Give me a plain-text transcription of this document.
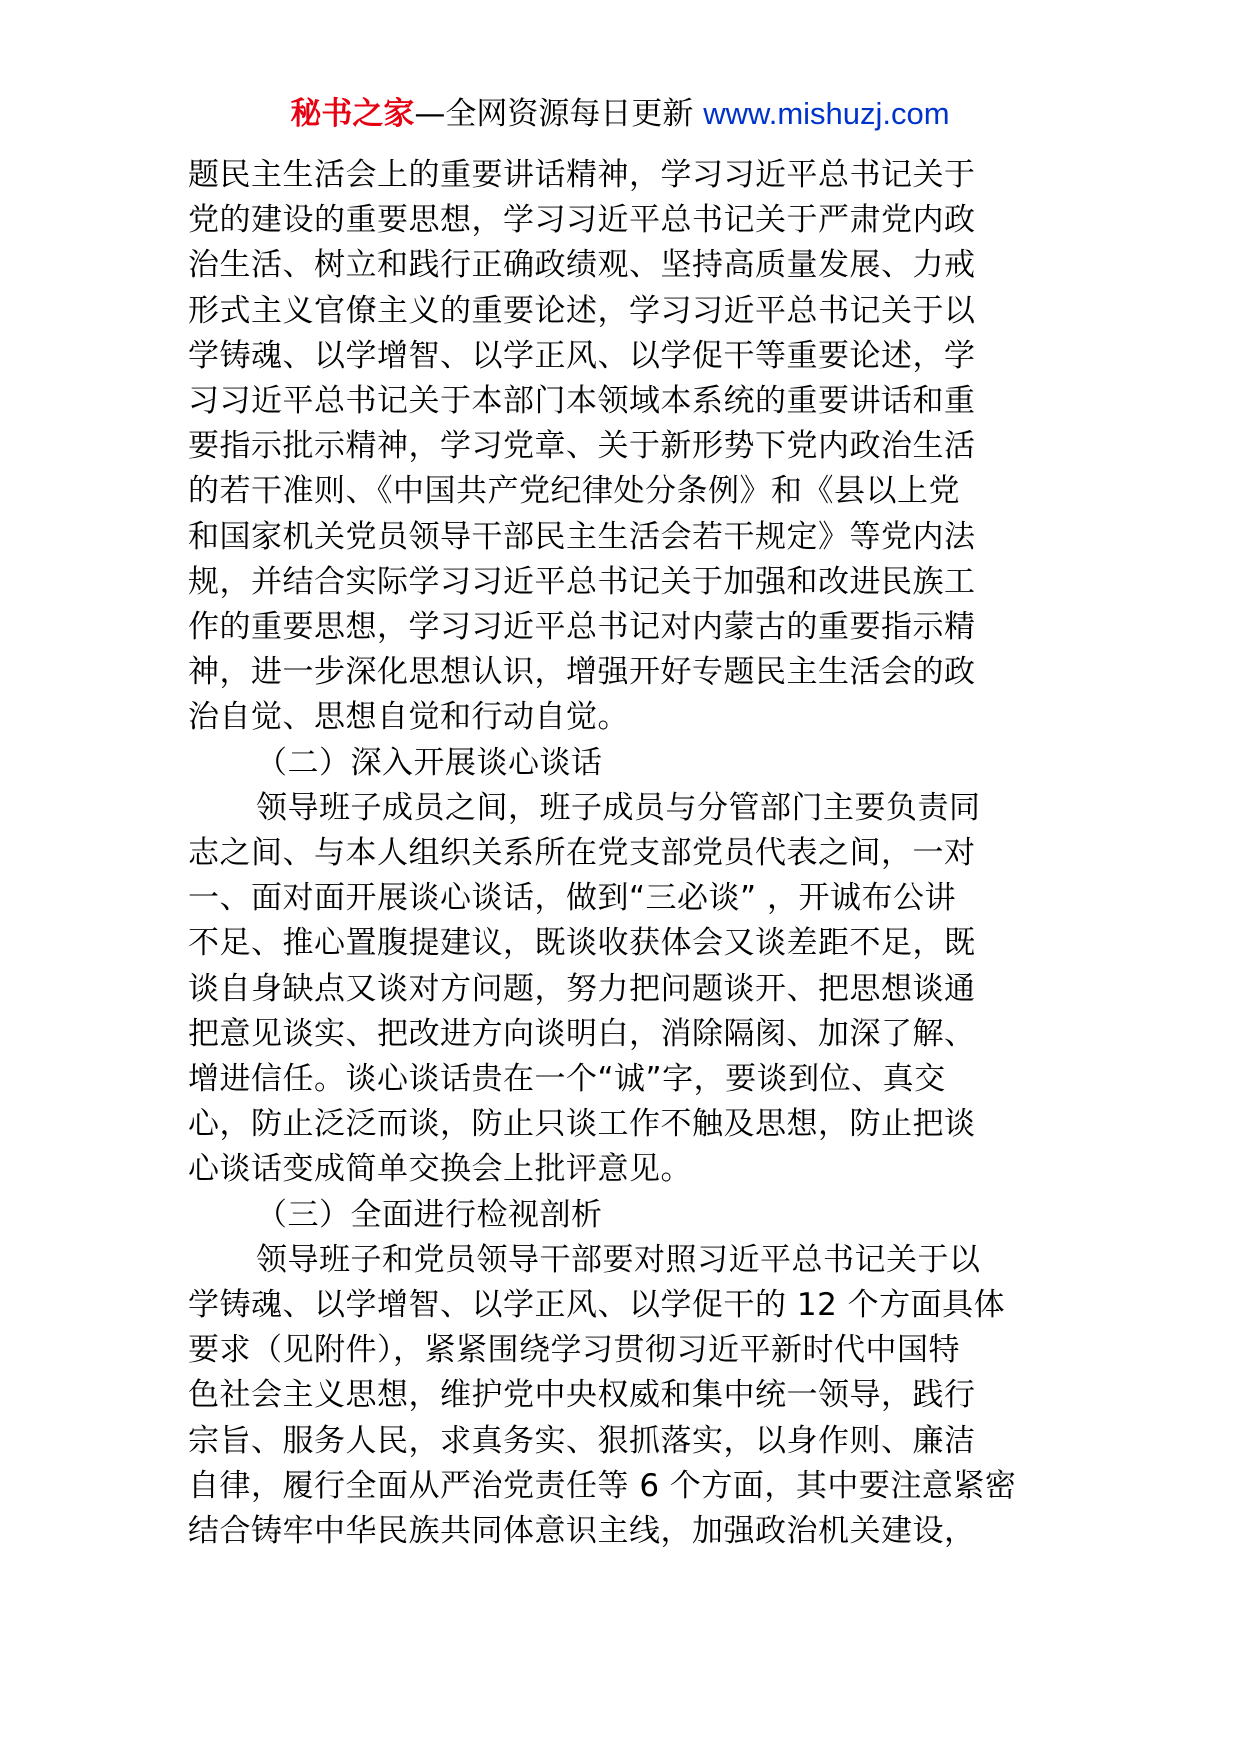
秘书之家—全网资源每日更新 www.mishuzj.com

题民主生活会上的重要讲话精神，学习习近平总书记关于

党的建设的重要思想，学习习近平总书记关于严肃党内政

治生活、树立和践行正确政绩观、坚持高质量发展、力戒

形式主义官僚主义的重要论述，学习习近平总书记关于以

学铸魂、以学增智、以学正风、以学促干等重要论述，学

习习近平总书记关于本部门本领域本系统的重要讲话和重

要指示批示精神，学习党章、关于新形势下党内政治生活

的若干准则、《中国共产党纪律处分条例》和《县以上党

和国家机关党员领导干部民主生活会若干规定》等党内法

规，并结合实际学习习近平总书记关于加强和改进民族工

作的重要思想，学习习近平总书记对内蒙古的重要指示精

神，进一步深化思想认识，增强开好专题民主生活会的政

治自觉、思想自觉和行动自觉。

（二）深入开展谈心谈话

领导班子成员之间，班子成员与分管部门主要负责同

志之间、与本人组织关系所在党支部党员代表之间，一对

一、面对面开展谈心谈话，做到“三必谈” ，开诚布公讲

不足、推心置腹提建议，既谈收获体会又谈差距不足，既

谈自身缺点又谈对方问题，努力把问题谈开、把思想谈通

把意见谈实、把改进方向谈明白，消除隔阂、加深了解、

增进信任。谈心谈话贵在一个“诚”字，要谈到位、真交

心，防止泛泛而谈，防止只谈工作不触及思想，防止把谈

心谈话变成简单交换会上批评意见。

（三）全面进行检视剖析

领导班子和党员领导干部要对照习近平总书记关于以

学铸魂、以学增智、以学正风、以学促干的 12 个方面具体

要求（见附件），紧紧围绕学习贯彻习近平新时代中国特

色社会主义思想，维护党中央权威和集中统一领导，践行

宗旨、服务人民，求真务实、狠抓落实，以身作则、廉洁

自律，履行全面从严治党责任等 6 个方面，其中要注意紧密

结合铸牢中华民族共同体意识主线，加强政治机关建设，
